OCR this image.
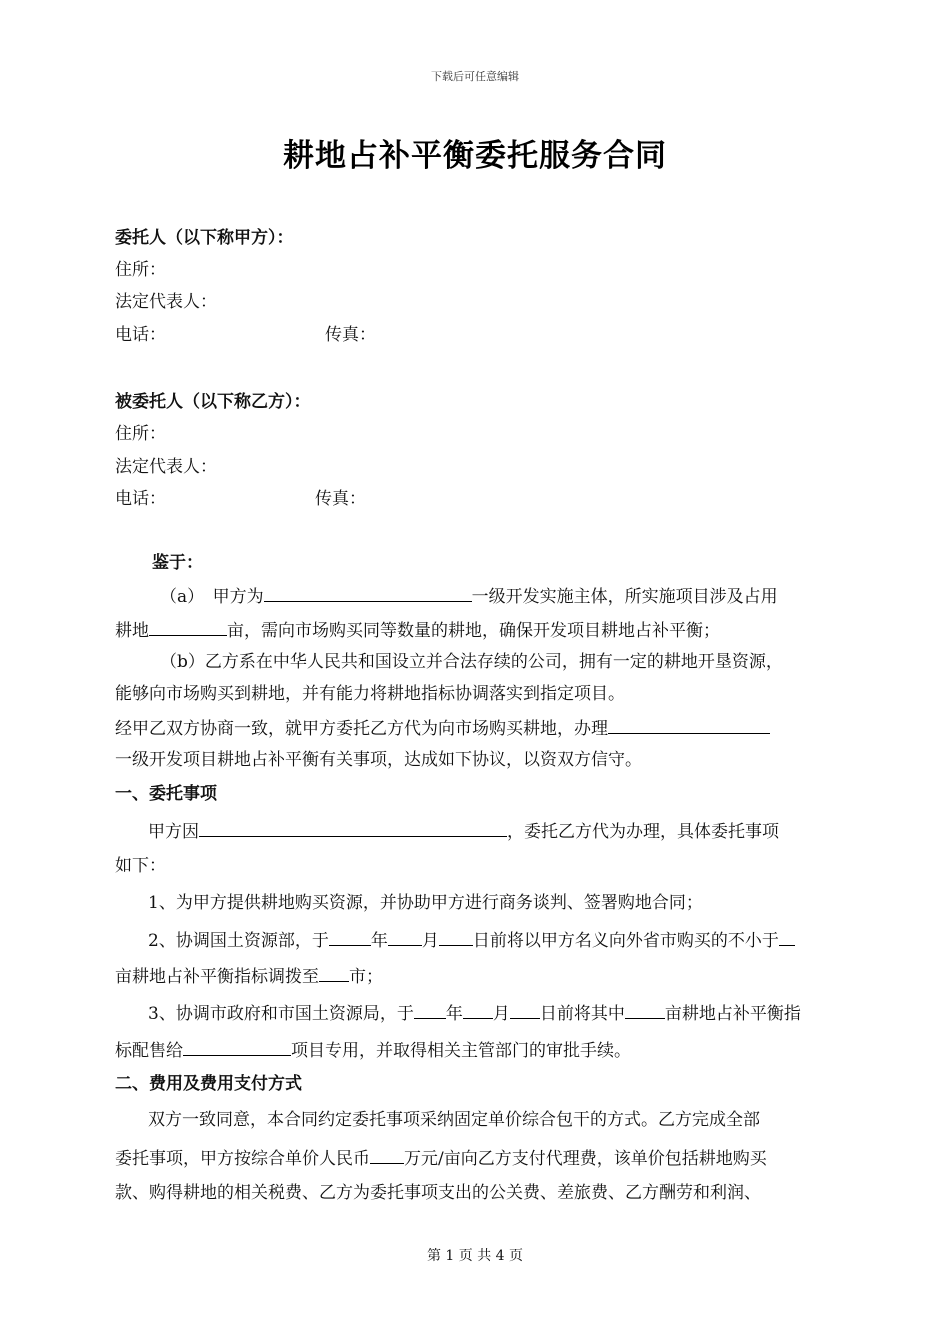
下载后可任意编辑
耕地占补平衡委托服务合同
委托人（以下称甲方）：
住所：
法定代表人：
电话：	传真：
被委托人（以下称乙方）：
住所：
法定代表人：
电话：	传真：
鉴于：
（a）　甲方为	一级开发实施主体，所实施项目涉及占用
耕地	亩，需向市场购买同等数量的耕地，确保开发项目耕地占补平衡；
（b）乙方系在中华人民共和国设立并合法存续的公司，拥有一定的耕地开垦资源，
能够向市场购买到耕地，并有能力将耕地指标协调落实到指定项目。
经甲乙双方协商一致，就甲方委托乙方代为向市场购买耕地，办理
一级开发项目耕地占补平衡有关事项，达成如下协议，以资双方信守。
一、委托事项
甲方因	，委托乙方代为办理，具体委托事项
如下：
1、为甲方提供耕地购买资源，并协助甲方进行商务谈判、签署购地合同；
2、协调国土资源部，于 年 月 日前将以甲方名义向外省市购买的不小于
亩耕地占补平衡指标调拨至 市；
3、协调市政府和市国土资源局，于 年 月 日前将其中 亩耕地占补平衡指
标配售给	项目专用，并取得相关主管部门的审批手续。
二、费用及费用支付方式
双方一致同意，本合同约定委托事项采纳固定单价综合包干的方式。乙方完成全部
委托事项，甲方按综合单价人民币 万元/亩向乙方支付代理费，该单价包括耕地购买
款、购得耕地的相关税费、乙方为委托事项支出的公关费、差旅费、乙方酬劳和利润、
第 1 页 共 4 页
